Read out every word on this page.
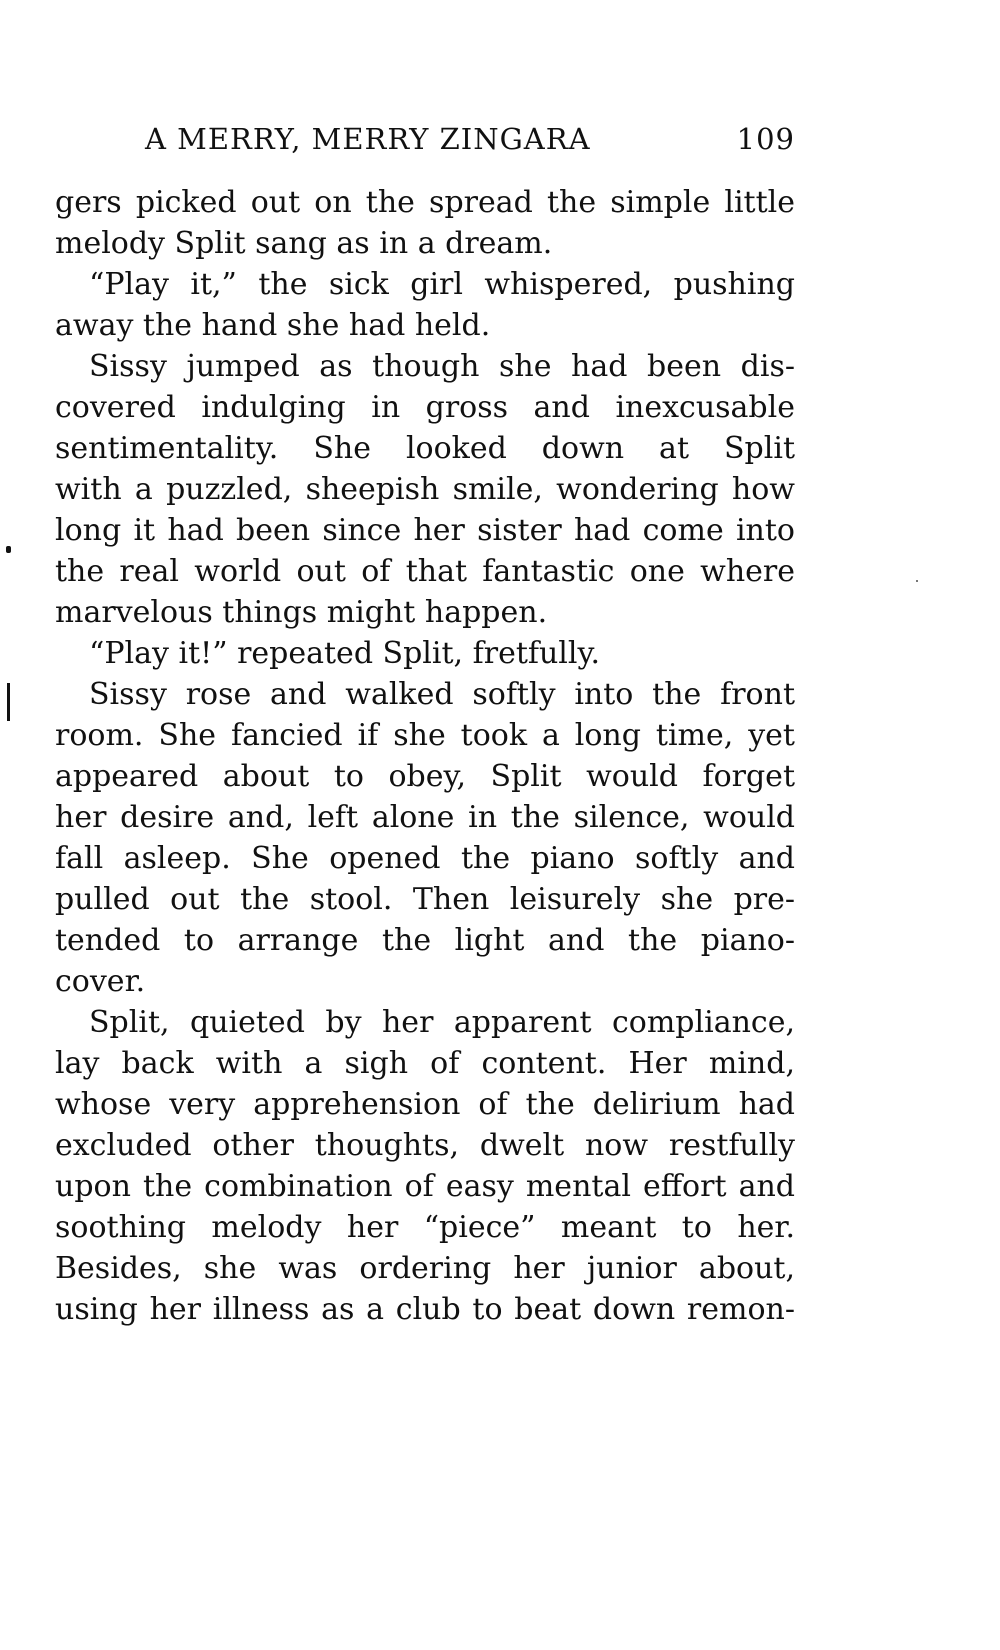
A MERRY, MERRY ZINGARA	109
gers picked out on the spread the simple little
melody Split sang as in a dream.
“Play it,” the sick girl whispered, pushing
away the hand she had held.
Sissy jumped as though she had been dis-
covered indulging in gross and inexcusable
sentimentality. She looked down at Split
with a puzzled, sheepish smile, wondering how
long it had been since her sister had come into
the real world out of that fantastic one where
marvelous things might happen.
“Play it!” repeated Split, fretfully.
Sissy rose and walked softly into the front
room. She fancied if she took a long time, yet
appeared about to obey, Split would forget
her desire and, left alone in the silence, would
fall asleep. She opened the piano softly and
pulled out the stool. Then leisurely she pre-
tended to arrange the light and the piano-
cover.
Split, quieted by her apparent compliance,
lay back with a sigh of content. Her mind,
whose very apprehension of the delirium had
excluded other thoughts, dwelt now restfully
upon the combination of easy mental effort and
soothing melody her “piece” meant to her.
Besides, she was ordering her junior about,
using her illness as a club to beat down remon-
